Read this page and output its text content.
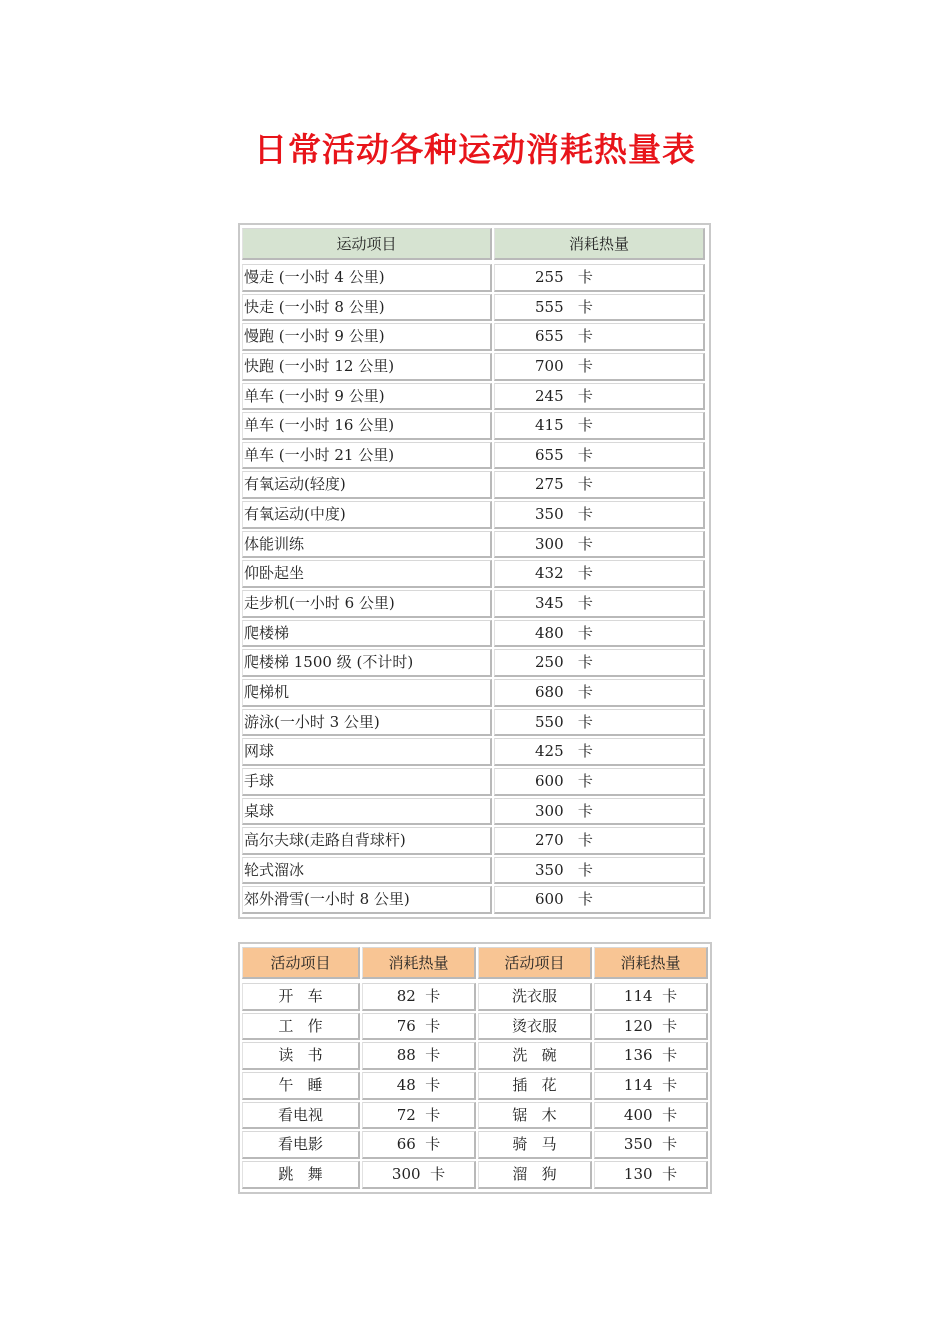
日常活动各种运动消耗热量表
运动项目	消耗热量
慢走 (一小时 4 公里)	255   卡
快走 (一小时 8 公里)	555   卡
慢跑 (一小时 9 公里)	655   卡
快跑 (一小时 12 公里)	700   卡
单车 (一小时 9 公里)	245   卡
单车 (一小时 16 公里)	415   卡
单车 (一小时 21 公里)	655   卡
有氧运动(轻度)	275   卡
有氧运动(中度)	350   卡
体能训练	300   卡
仰卧起坐	432   卡
走步机(一小时 6 公里)	345   卡
爬楼梯	480   卡
爬楼梯 1500 级 (不计时)	250   卡
爬梯机	680   卡
游泳(一小时 3 公里)	550   卡
网球	425   卡
手球	600   卡
桌球	300   卡
高尔夫球(走路自背球杆)	270   卡
轮式溜冰	350   卡
郊外滑雪(一小时 8 公里)	600   卡
活动项目	消耗热量	活动项目	消耗热量
开   车	82  卡	洗衣服	114  卡
工   作	76  卡	烫衣服	120  卡
读   书	88  卡	洗   碗	136  卡
午   睡	48  卡	插   花	114  卡
看电视	72  卡	锯   木	400  卡
看电影	66  卡	骑   马	350  卡
跳   舞	300  卡	溜   狗	130  卡
